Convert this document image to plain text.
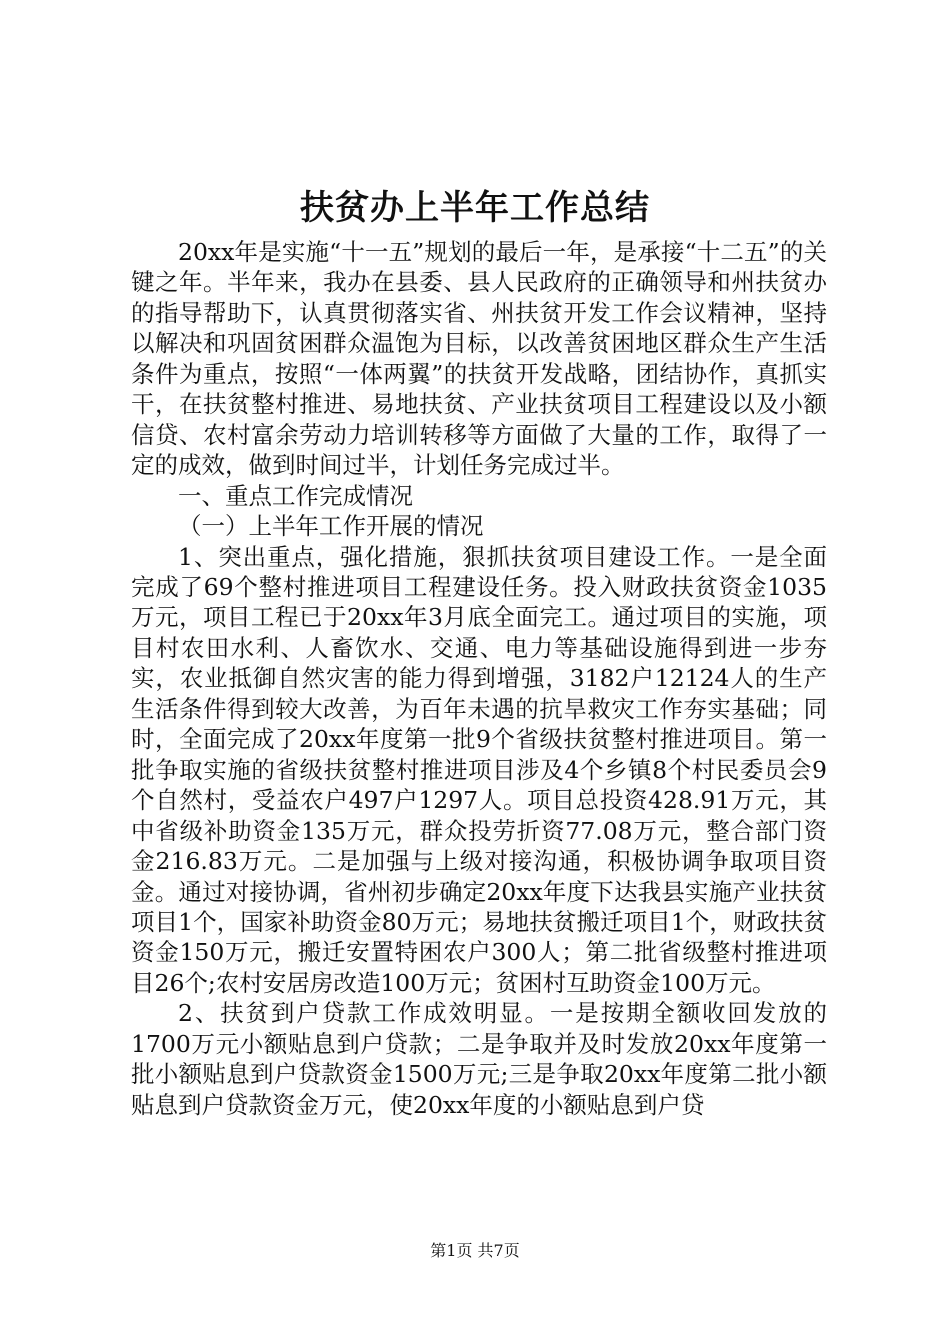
扶贫办上半年工作总结

20xx年是实施“十一五”规划的最后一年，是承接“十二五”的关键之年。半年来，我办在县委、县人民政府的正确领导和州扶贫办的指导帮助下，认真贯彻落实省、州扶贫开发工作会议精神，坚持以解决和巩固贫困群众温饱为目标，以改善贫困地区群众生产生活条件为重点，按照“一体两翼”的扶贫开发战略，团结协作，真抓实干，在扶贫整村推进、易地扶贫、产业扶贫项目工程建设以及小额信贷、农村富余劳动力培训转移等方面做了大量的工作，取得了一定的成效，做到时间过半，计划任务完成过半。

一、重点工作完成情况

（一）上半年工作开展的情况

1、突出重点，强化措施，狠抓扶贫项目建设工作。一是全面完成了69个整村推进项目工程建设任务。投入财政扶贫资金1035万元，项目工程已于20xx年3月底全面完工。通过项目的实施，项目村农田水利、人畜饮水、交通、电力等基础设施得到进一步夯实，农业抵御自然灾害的能力得到增强，3182户12124人的生产生活条件得到较大改善，为百年未遇的抗旱救灾工作夯实基础；同时，全面完成了20xx年度第一批9个省级扶贫整村推进项目。第一批争取实施的省级扶贫整村推进项目涉及4个乡镇8个村民委员会9个自然村，受益农户497户1297人。项目总投资428.91万元，其中省级补助资金135万元，群众投劳折资77.08万元，整合部门资金216.83万元。二是加强与上级对接沟通，积极协调争取项目资金。通过对接协调，省州初步确定20xx年度下达我县实施产业扶贫项目1个，国家补助资金80万元；易地扶贫搬迁项目1个，财政扶贫资金150万元，搬迁安置特困农户300人；第二批省级整村推进项目26个;农村安居房改造100万元；贫困村互助资金100万元。

2、扶贫到户贷款工作成效明显。一是按期全额收回发放的1700万元小额贴息到户贷款；二是争取并及时发放20xx年度第一批小额贴息到户贷款资金1500万元;三是争取20xx年度第二批小额贴息到户贷款资金万元，使20xx年度的小额贴息到户贷

第1页 共7页
